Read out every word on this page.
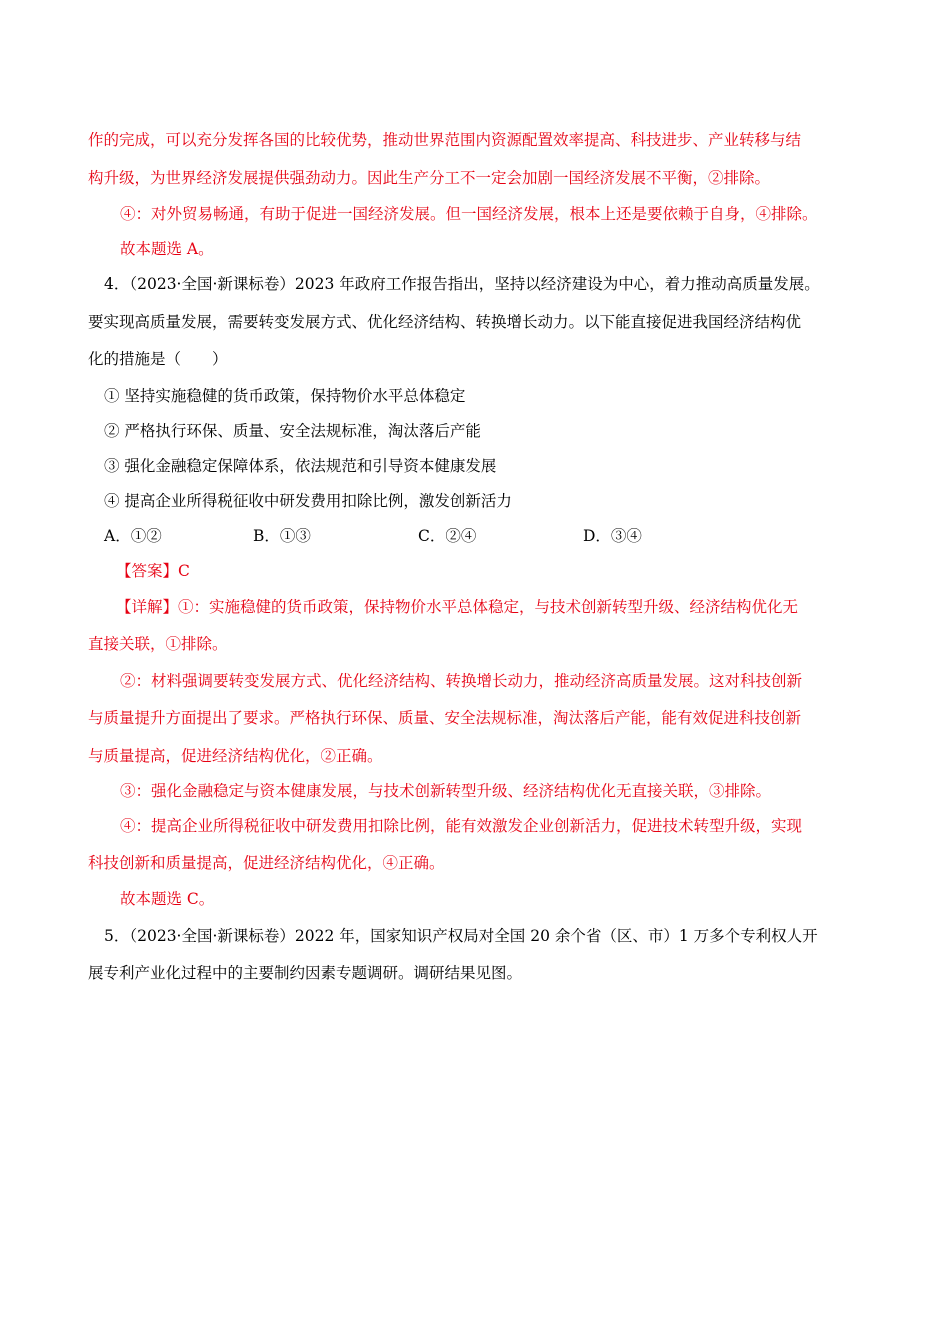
作的完成，可以充分发挥各国的比较优势，推动世界范围内资源配置效率提高、科技进步、产业转移与结
构升级，为世界经济发展提供强劲动力。因此生产分工不一定会加剧一国经济发展不平衡，②排除。
④：对外贸易畅通，有助于促进一国经济发展。但一国经济发展，根本上还是要依赖于自身，④排除。
故本题选 A。
4．（2023·全国·新课标卷）2023 年政府工作报告指出，坚持以经济建设为中心，着力推动高质量发展。
要实现高质量发展，需要转变发展方式、优化经济结构、转换增长动力。以下能直接促进我国经济结构优
化的措施是（　　）
① 坚持实施稳健的货币政策，保持物价水平总体稳定
② 严格执行环保、质量、安全法规标准，淘汰落后产能
③ 强化金融稳定保障体系，依法规范和引导资本健康发展
④ 提高企业所得税征收中研发费用扣除比例，激发创新活力
A．①②	B．①③	C．②④	D．③④
【答案】C
【详解】①：实施稳健的货币政策，保持物价水平总体稳定，与技术创新转型升级、经济结构优化无
直接关联，①排除。
②：材料强调要转变发展方式、优化经济结构、转换增长动力，推动经济高质量发展。这对科技创新
与质量提升方面提出了要求。严格执行环保、质量、安全法规标准，淘汰落后产能，能有效促进科技创新
与质量提高，促进经济结构优化，②正确。
③：强化金融稳定与资本健康发展，与技术创新转型升级、经济结构优化无直接关联，③排除。
④：提高企业所得税征收中研发费用扣除比例，能有效激发企业创新活力，促进技术转型升级，实现
科技创新和质量提高，促进经济结构优化，④正确。
故本题选 C。
5．（2023·全国·新课标卷）2022 年，国家知识产权局对全国 20 余个省（区、市）1 万多个专利权人开
展专利产业化过程中的主要制约因素专题调研。调研结果见图。
